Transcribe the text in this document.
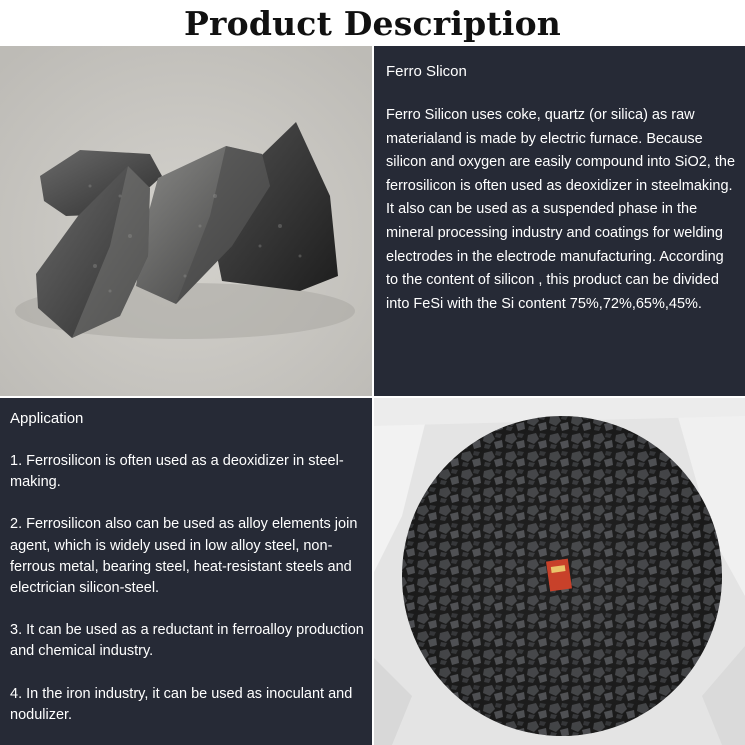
Product Description

Ferro Slicon

Ferro Silicon uses coke, quartz (or silica) as raw materialand is made by electric furnace. Because silicon and oxygen are easily compound into SiO2, the ferrosilicon is often used as deoxidizer in steelmaking. It also can be used as a suspended phase in the mineral processing industry and coatings for welding electrodes in the electrode manufacturing. According to the content of silicon , this product can be divided into FeSi with the Si content 75%,72%,65%,45%.

Application

1. Ferrosilicon is often used as a deoxidizer in steel- making.

2. Ferrosilicon also can be used as alloy elements join agent, which is widely used in low alloy steel, non-ferrous metal, bearing steel, heat-resistant steels and electrician silicon-steel.

3. It can be used as a reductant in ferroalloy production and chemical industry.

4. In the iron industry, it can be used as inoculant and nodulizer.
